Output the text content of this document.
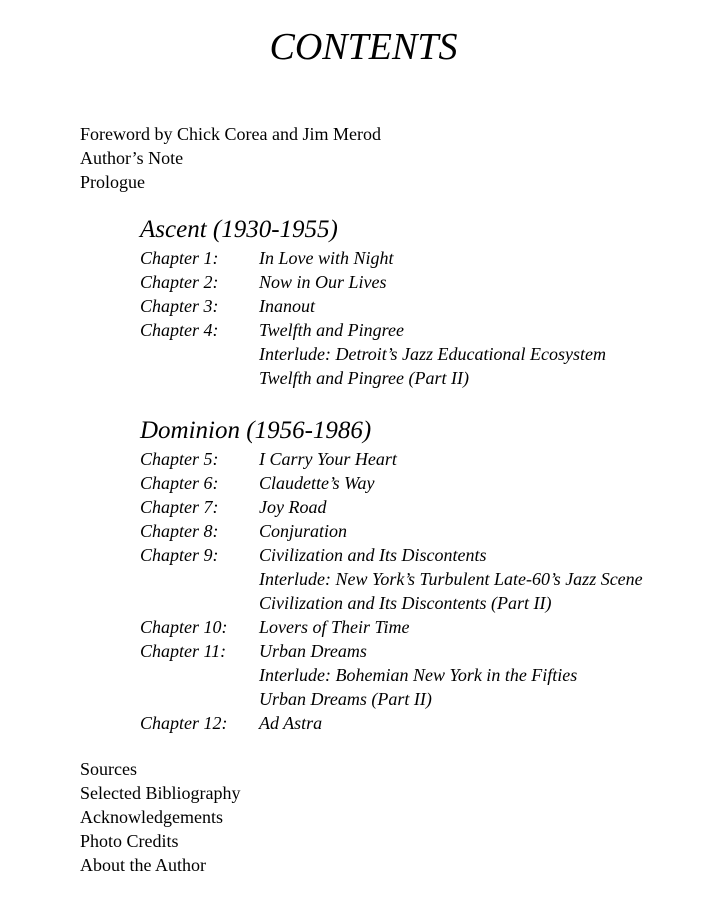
CONTENTS
Foreword by Chick Corea and Jim Merod
Author’s Note
Prologue
Ascent (1930-1955)
Chapter 1: In Love with Night
Chapter 2: Now in Our Lives
Chapter 3: Inanout
Chapter 4: Twelfth and Pingree
Interlude: Detroit’s Jazz Educational Ecosystem
Twelfth and Pingree (Part II)
Dominion (1956-1986)
Chapter 5: I Carry Your Heart
Chapter 6: Claudette’s Way
Chapter 7: Joy Road
Chapter 8: Conjuration
Chapter 9: Civilization and Its Discontents
Interlude: New York’s Turbulent Late-60’s Jazz Scene
Civilization and Its Discontents (Part II)
Chapter 10: Lovers of Their Time
Chapter 11: Urban Dreams
Interlude: Bohemian New York in the Fifties
Urban Dreams (Part II)
Chapter 12: Ad Astra
Sources
Selected Bibliography
Acknowledgements
Photo Credits
About the Author
